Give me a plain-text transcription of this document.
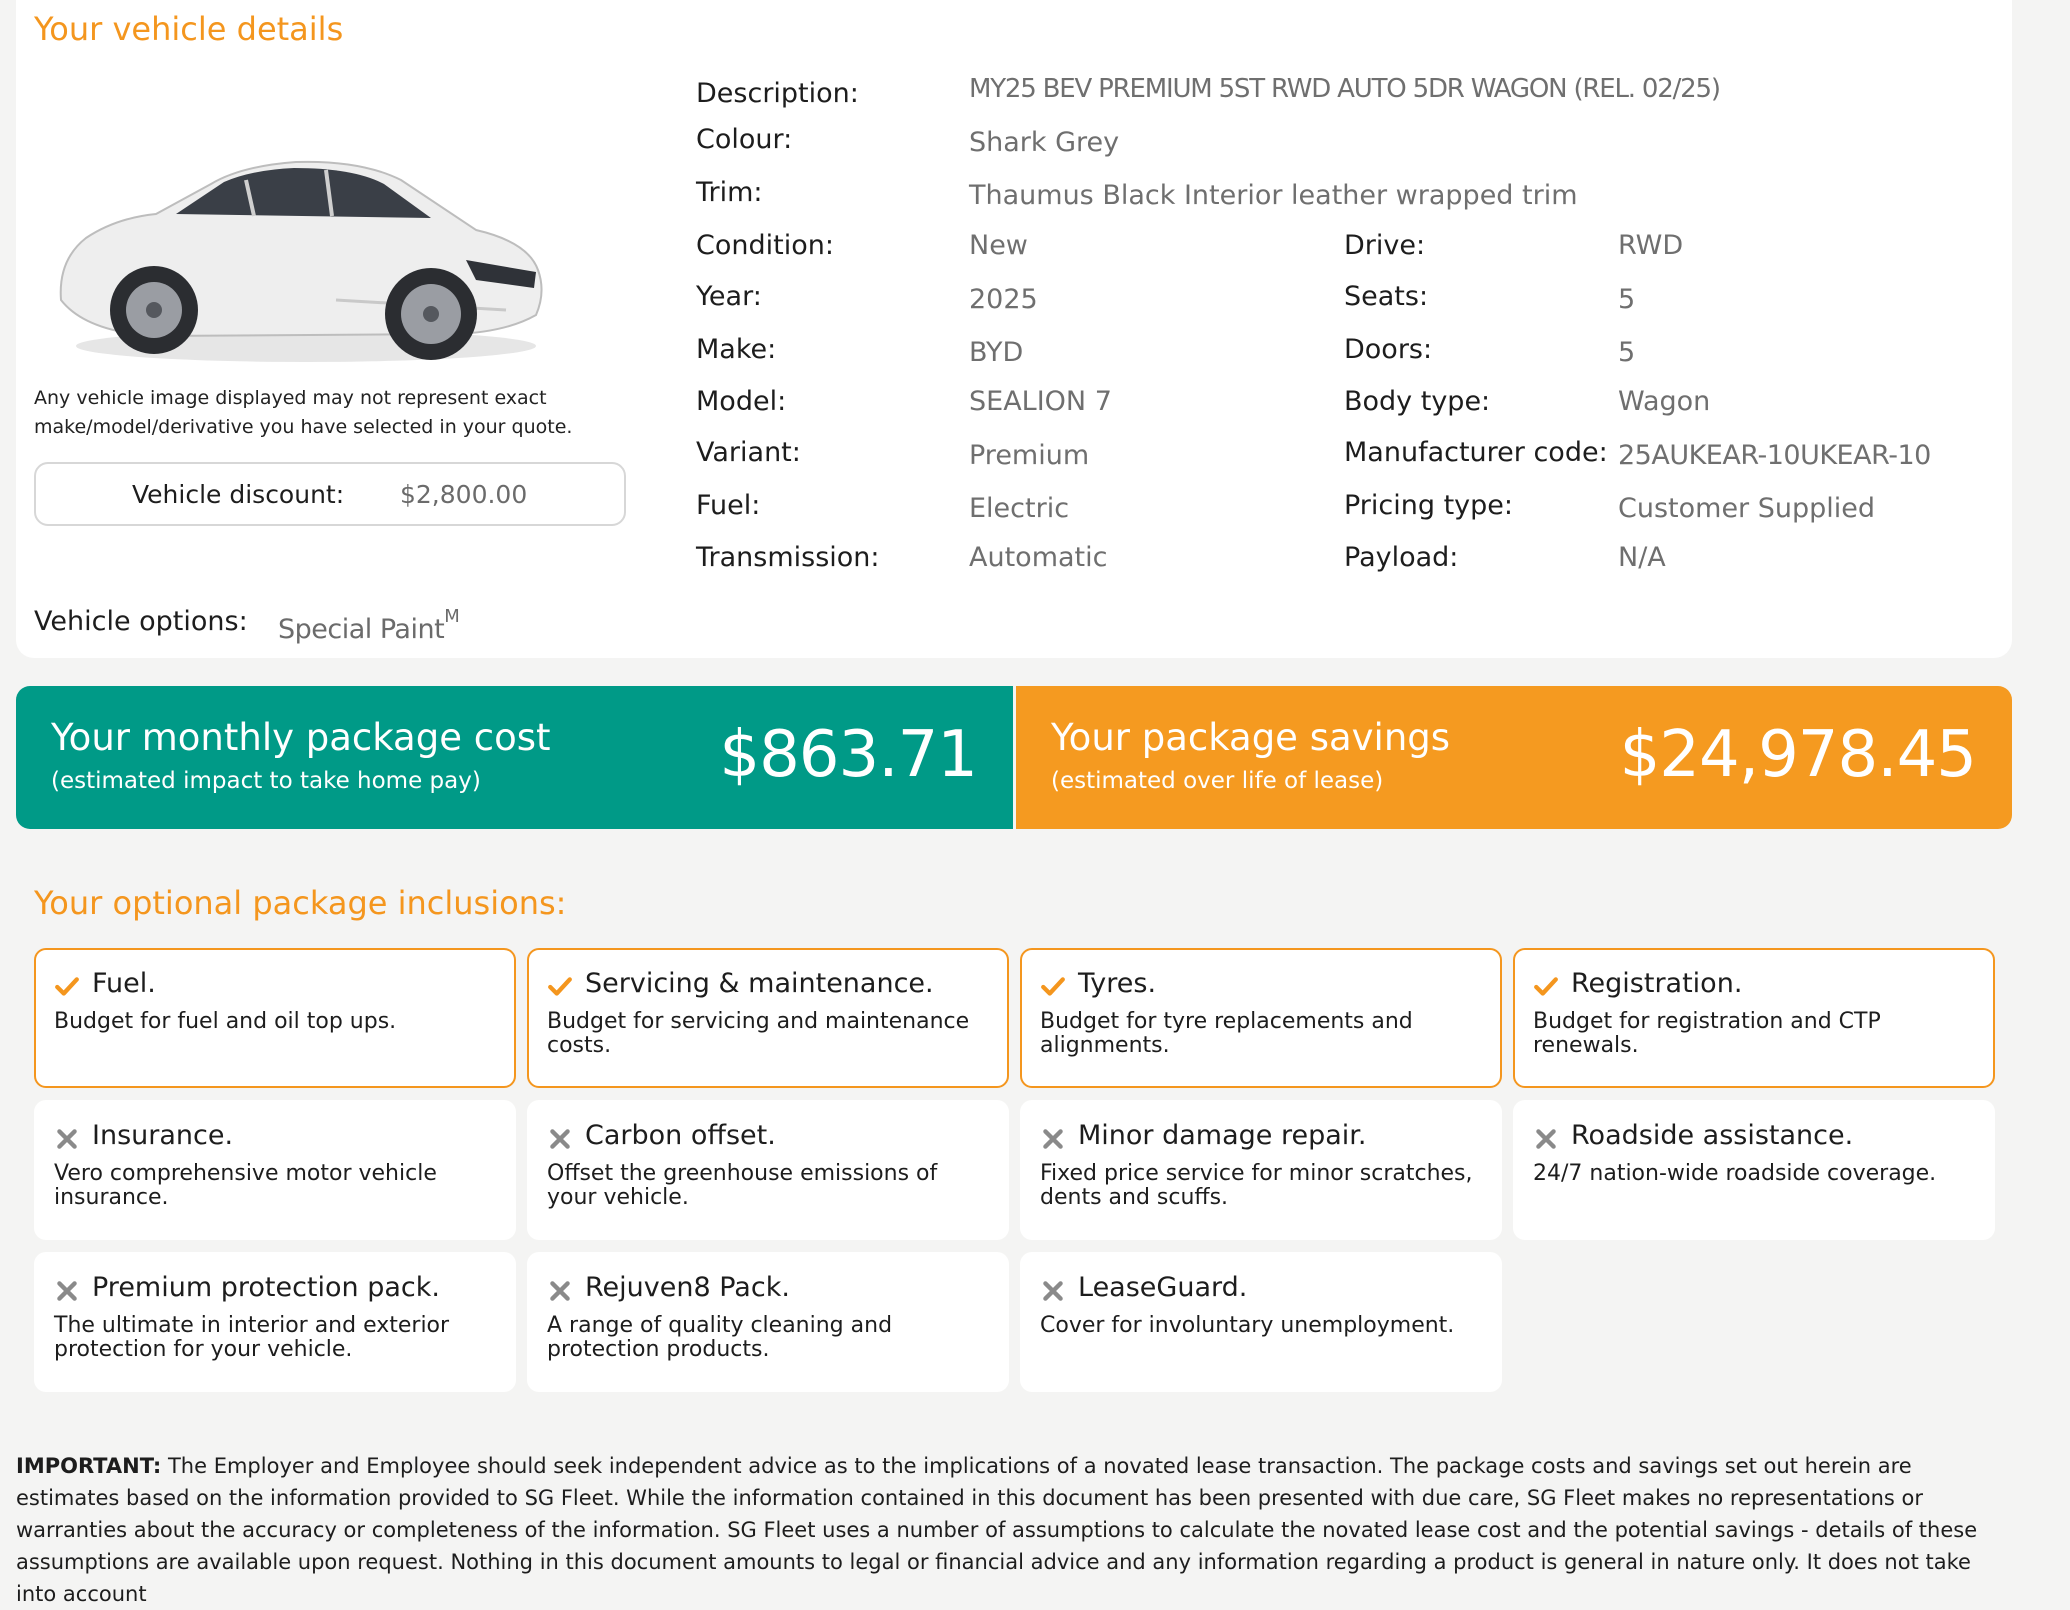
Your vehicle details
Any vehicle image displayed may not represent exact make/model/derivative you have selected in your quote.
Vehicle discount: $2,800.00
Vehicle options: Special Paint$^M$
Description:	MY25 BEV PREMIUM 5ST RWD AUTO 5DR WAGON (REL. 02/25)
Colour:	Shark Grey
Trim:	Thaumus Black Interior leather wrapped trim
Condition:	New
Year:	2025
Make:	BYD
Model:	SEALION 7
Variant:	Premium
Fuel:	Electric
Transmission:	Automatic
Drive:	RWD
Seats:	5
Doors:	5
Body type:	Wagon
Manufacturer code: 25AUKEAR-10UKEAR-10
Pricing type:	Customer Supplied
Payload:	N/A
Your monthly package cost
(estimated impact to take home pay)	$863.71 Your package savings
(estimated over life of lease)	$24,978.45
Your optional package inclusions:
Fuel.
Budget for fuel and oil top ups.
Servicing & maintenance.
Budget for servicing and maintenance costs.
Tyres.
Budget for tyre replacements and alignments.
Registration.
Budget for registration and CTP renewals.
Insurance.
Vero comprehensive motor vehicle insurance.
Carbon offset.
Offset the greenhouse emissions of your vehicle.
Minor damage repair.
Fixed price service for minor scratches, dents and scuffs.
Roadside assistance.
24/7 nation-wide roadside coverage.
Premium protection pack.
The ultimate in interior and exterior protection for your vehicle.
Rejuven8 Pack.
A range of quality cleaning and protection products.
LeaseGuard.
Cover for involuntary unemployment.
IMPORTANT: The Employer and Employee should seek independent advice as to the implications of a novated lease transaction. The package costs and savings set out herein are estimates based on the information provided to SG Fleet. While the information contained in this document has been presented with due care, SG Fleet makes no representations or warranties about the accuracy or completeness of the information. SG Fleet uses a number of assumptions to calculate the novated lease cost and the potential savings - details of these assumptions are available upon request. Nothing in this document amounts to legal or financial advice and any information regarding a product is general in nature only. It does not take into account
